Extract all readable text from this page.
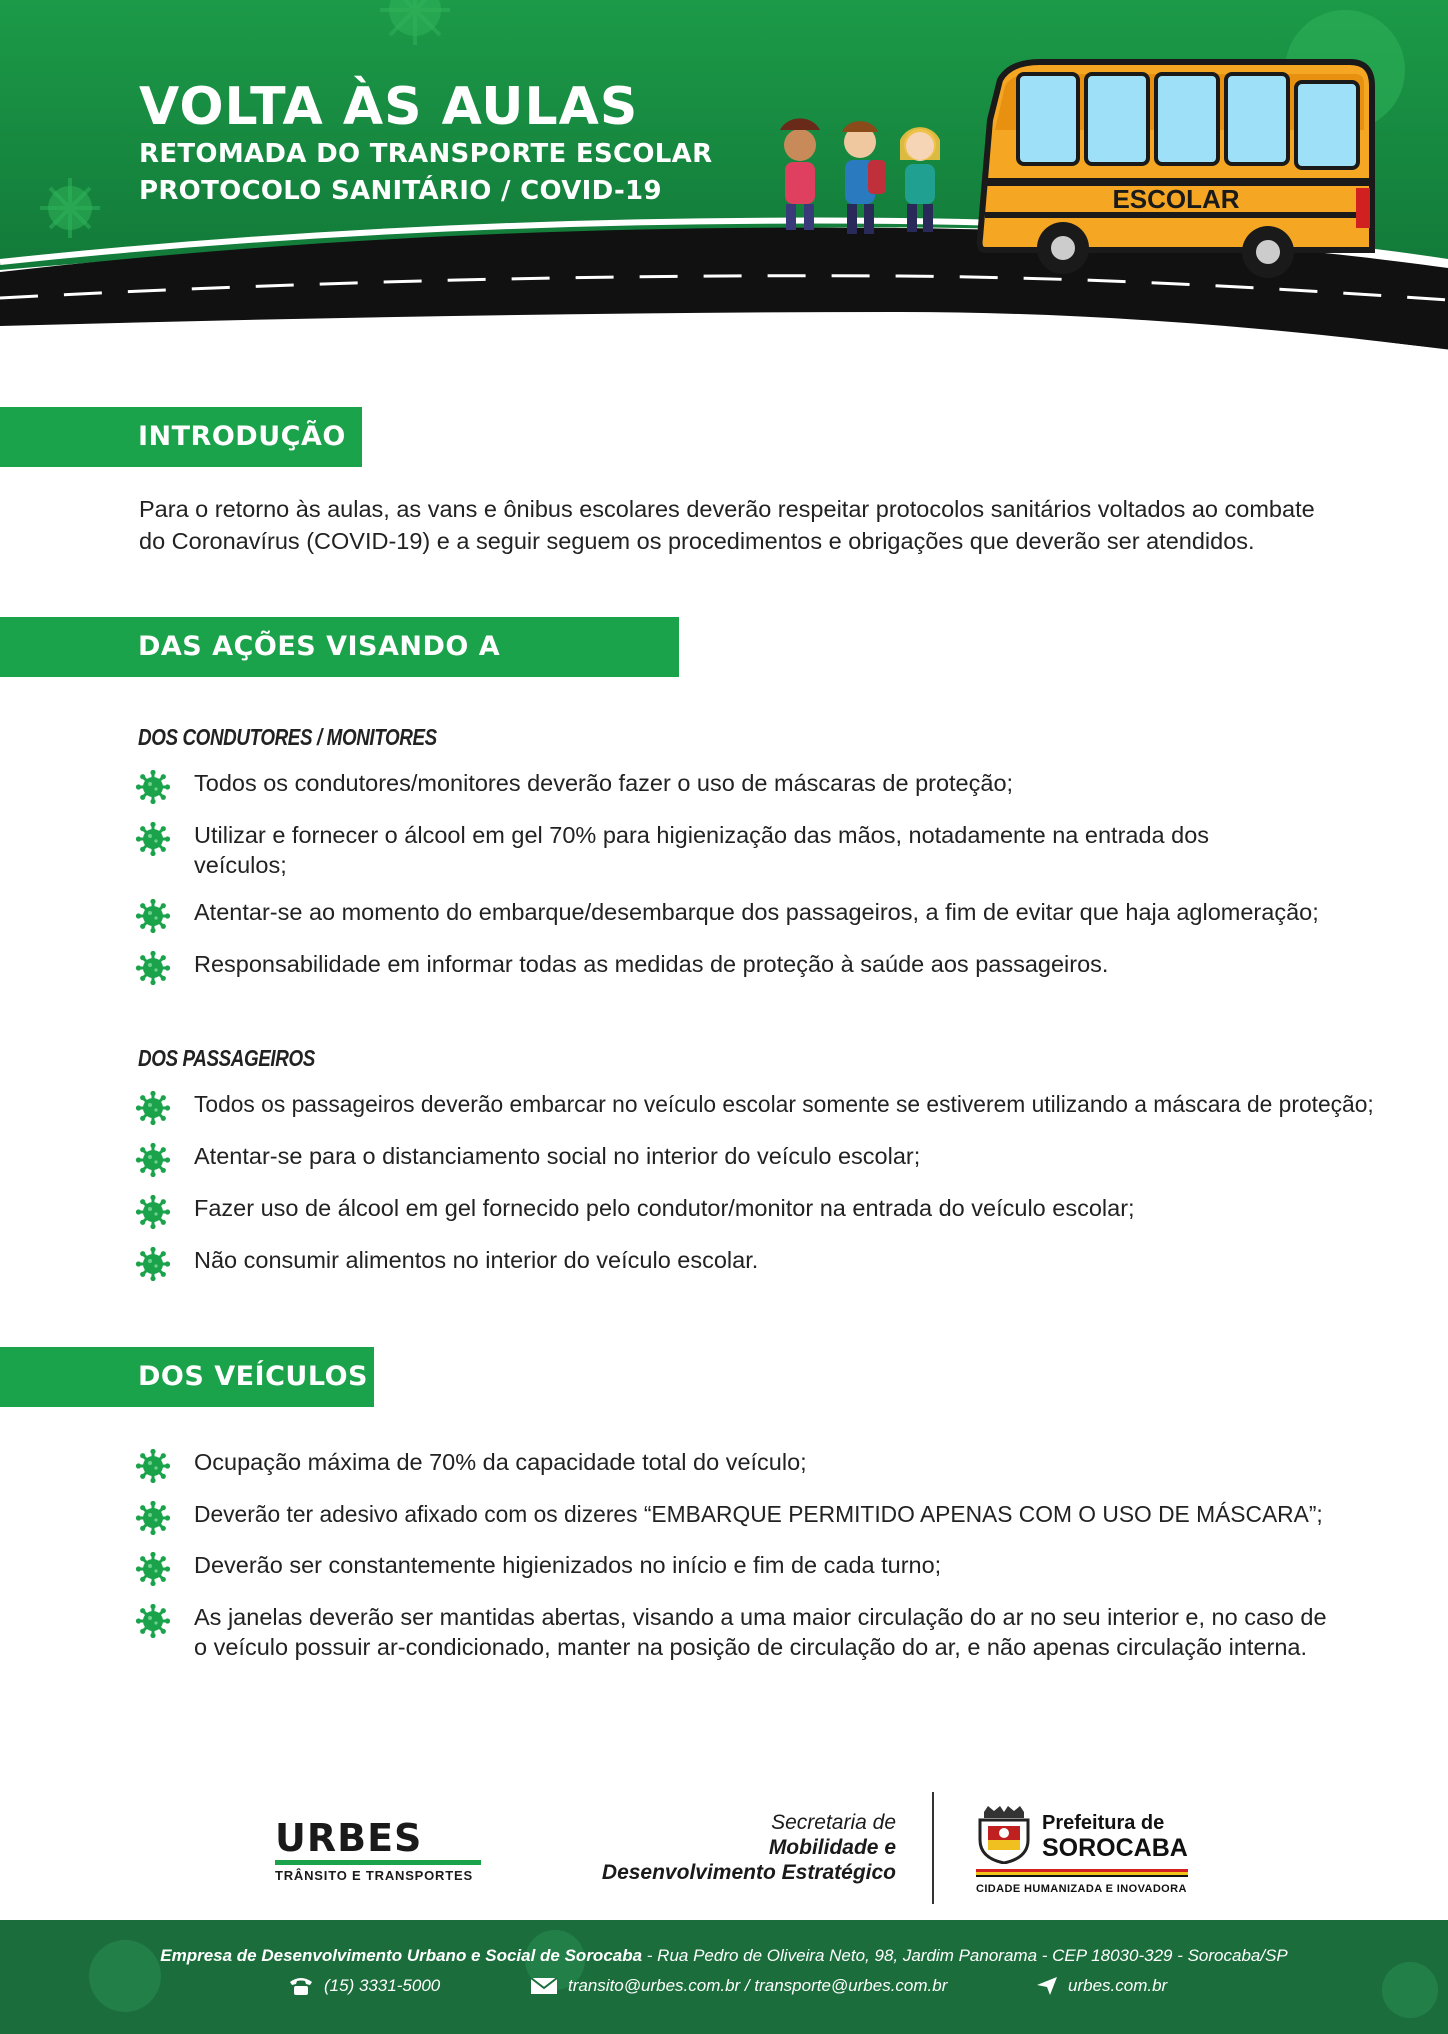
ESCOLAR
VOLTA ÀS AULAS
RETOMADA DO TRANSPORTE ESCOLAR
PROTOCOLO SANITÁRIO / COVID-19
INTRODUÇÃO
Para o retorno às aulas, as vans e ônibus escolares deverão respeitar protocolos sanitários voltados ao combate do Coronavírus (COVID-19) e a seguir seguem os procedimentos e obrigações que deverão ser atendidos.
DAS AÇÕES VISANDO A PREVENÇÃO
DOS CONDUTORES / MONITORES
Todos os condutores/monitores deverão fazer o uso de máscaras de proteção;
Utilizar e fornecer o álcool em gel 70% para higienização das mãos, notadamente na entrada dos veículos;
Atentar-se ao momento do embarque/desembarque dos passageiros, a fim de evitar que haja aglomeração;
Responsabilidade em informar todas as medidas de proteção à saúde aos passageiros.
DOS PASSAGEIROS
Todos os passageiros deverão embarcar no veículo escolar somente se estiverem utilizando a máscara de proteção;
Atentar-se para o distanciamento social no interior do veículo escolar;
Fazer uso de álcool em gel fornecido pelo condutor/monitor na entrada do veículo escolar;
Não consumir alimentos no interior do veículo escolar.
DOS VEÍCULOS
Ocupação máxima de 70% da capacidade total do veículo;
Deverão ter adesivo afixado com os dizeres “EMBARQUE PERMITIDO APENAS COM O USO DE MÁSCARA”;
Deverão ser constantemente higienizados no início e fim de cada turno;
As janelas deverão ser mantidas abertas, visando a uma maior circulação do ar no seu interior e, no caso de o veículo possuir ar-condicionado, manter na posição de circulação do ar, e não apenas circulação interna.
URBES
TRÂNSITO E TRANSPORTES
Secretaria de
Mobilidade e
Desenvolvimento Estratégico
Prefeitura de
SOROCABA
CIDADE HUMANIZADA E INOVADORA
Empresa de Desenvolvimento Urbano e Social de Sorocaba - Rua Pedro de Oliveira Neto, 98, Jardim Panorama - CEP 18030-329 - Sorocaba/SP
(15) 3331-5000	transito@urbes.com.br / transporte@urbes.com.br	urbes.com.br
